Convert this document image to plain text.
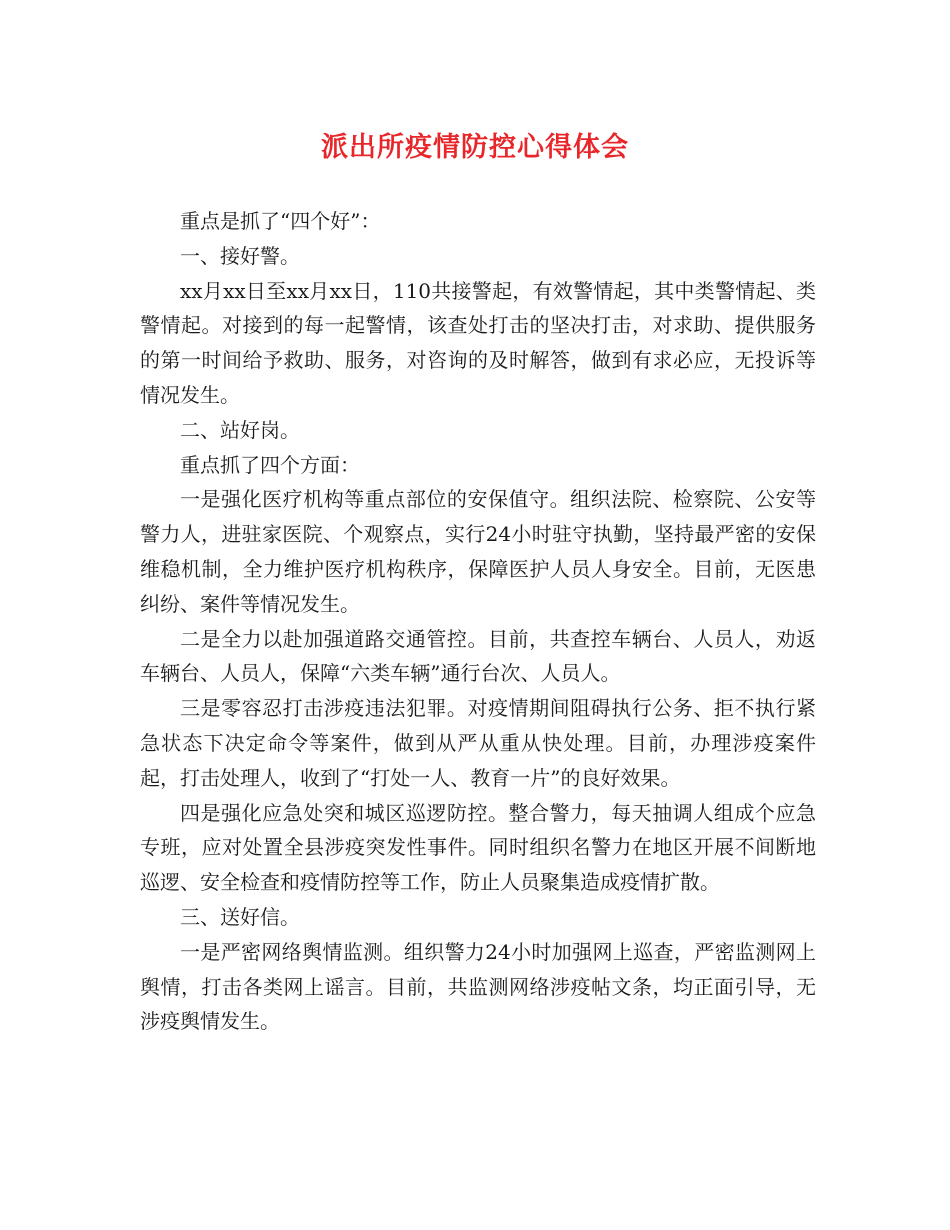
派出所疫情防控心得体会

重点是抓了“四个好”：

一、接好警。

xx月xx日至xx月xx日，110共接警起，有效警情起，其中类警情起、类警情起。对接到的每一起警情，该查处打击的坚决打击，对求助、提供服务的第一时间给予救助、服务，对咨询的及时解答，做到有求必应，无投诉等情况发生。

二、站好岗。

重点抓了四个方面：

一是强化医疗机构等重点部位的安保值守。组织法院、检察院、公安等警力人，进驻家医院、个观察点，实行24小时驻守执勤，坚持最严密的安保维稳机制，全力维护医疗机构秩序，保障医护人员人身安全。目前，无医患纠纷、案件等情况发生。

二是全力以赴加强道路交通管控。目前，共查控车辆台、人员人，劝返车辆台、人员人，保障“六类车辆”通行台次、人员人。

三是零容忍打击涉疫违法犯罪。对疫情期间阻碍执行公务、拒不执行紧急状态下决定命令等案件，做到从严从重从快处理。目前，办理涉疫案件起，打击处理人，收到了“打处一人、教育一片”的良好效果。

四是强化应急处突和城区巡逻防控。整合警力，每天抽调人组成个应急专班，应对处置全县涉疫突发性事件。同时组织名警力在地区开展不间断地巡逻、安全检查和疫情防控等工作，防止人员聚集造成疫情扩散。

三、送好信。

一是严密网络舆情监测。组织警力24小时加强网上巡查，严密监测网上舆情，打击各类网上谣言。目前，共监测网络涉疫帖文条，均正面引导，无涉疫舆情发生。
